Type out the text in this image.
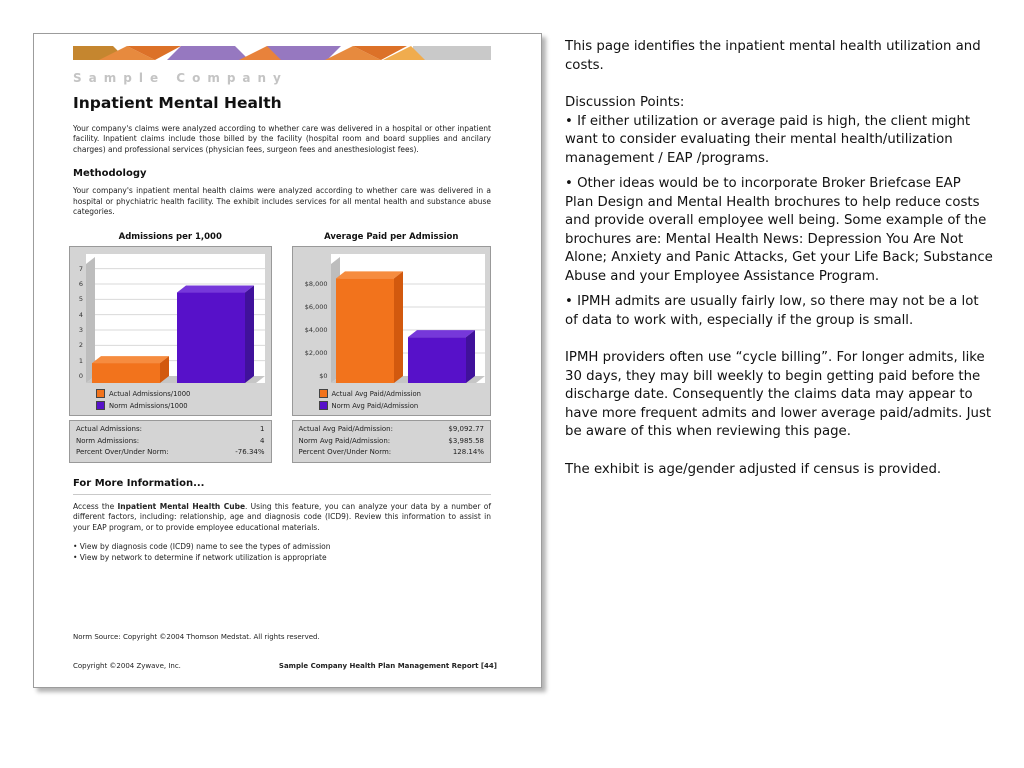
Sample Company
Inpatient Mental Health

Your company's claims were analyzed according to whether care was delivered in a hospital or other inpatient facility. Inpatient claims include those billed by the facility (hospital room and board supplies and ancilary charges) and professional services (physician fees, surgeon fees and anesthesiologist fees).

Methodology

Your company's inpatient mental health claims were analyzed according to whether care was delivered in a hospital or phychiatric health facility. The exhibit includes services for all mental health and substance abuse categories.

Admissions per 1,000
0
1
2
3
4
5
6
7
Actual Admissions/1000
Norm Admissions/1000
Actual Admissions:	1
Norm Admissions:	4
Percent Over/Under Norm:	-76.34%
Average Paid per Admission
$0
$2,000
$4,000
$6,000
$8,000
Actual Avg Paid/Admission
Norm Avg Paid/Admission
Actual Avg Paid/Admission:	$9,092.77
Norm Avg Paid/Admission:	$3,985.58
Percent Over/Under Norm:	128.14%
For More Information...

Access the Inpatient Mental Health Cube. Using this feature, you can analyze your data by a number of different factors, including: relationship, age and diagnosis code (ICD9). Review this information to assist in your EAP program, or to provide employee educational materials.

• View by diagnosis code (ICD9) name to see the types of admission
• View by network to determine if network utilization is appropriate
Norm Source: Copyright ©2004 Thomson Medstat. All rights reserved.
Copyright ©2004 Zywave, Inc.	Sample Company Health Plan Management Report [44]

This page identifies the inpatient mental health utilization and costs.

Discussion Points:

• If either utilization or average paid is high, the client might want to consider evaluating their mental health/utilization management / EAP /programs.

• Other ideas would be to incorporate Broker Briefcase EAP Plan Design and Mental Health brochures to help reduce costs and provide overall employee well being. Some example of the brochures are: Mental Health News: Depression You Are Not Alone; Anxiety and Panic Attacks, Get your Life Back; Substance Abuse and your Employee Assistance Program.

• IPMH admits are usually fairly low, so there may not be a lot of data to work with, especially if the group is small.

IPMH providers often use “cycle billing”. For longer admits, like 30 days, they may bill weekly to begin getting paid before the discharge date. Consequently the claims data may appear to have more frequent admits and lower average paid/admits. Just be aware of this when reviewing this page.

The exhibit is age/gender adjusted if census is provided.
